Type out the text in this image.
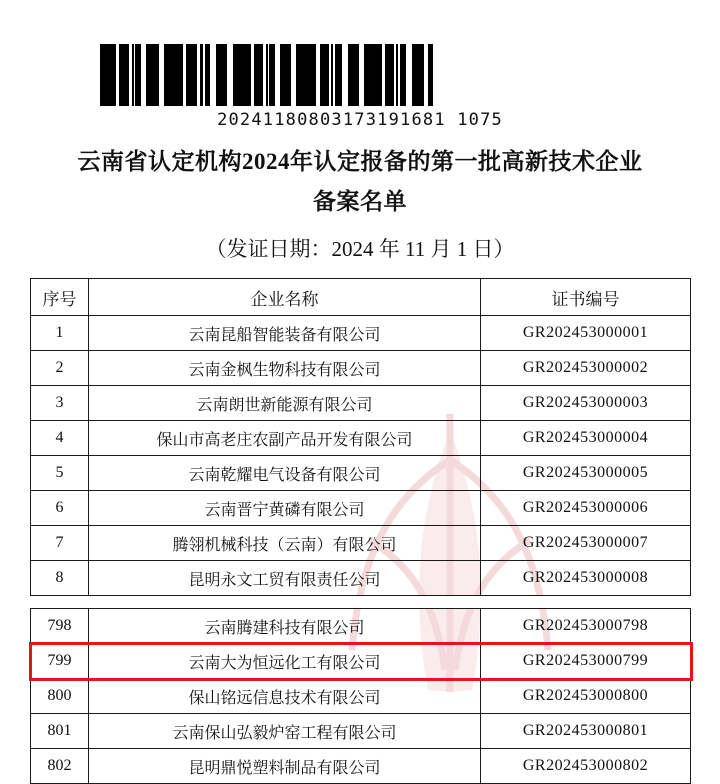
20241180803173191681 1075
云南省认定机构2024年认定报备的第一批高新技术企业
备案名单
（发证日期：2024 年 11 月 1 日）
序号	企业名称	证书编号
1	云南昆船智能装备有限公司	GR202453000001
2	云南金枫生物科技有限公司	GR202453000002
3	云南朗世新能源有限公司	GR202453000003
4	保山市高老庄农副产品开发有限公司	GR202453000004
5	云南乾耀电气设备有限公司	GR202453000005
6	云南晋宁黄磷有限公司	GR202453000006
7	腾翎机械科技（云南）有限公司	GR202453000007
8	昆明永文工贸有限责任公司	GR202453000008

798	云南腾建科技有限公司	GR202453000798
799	云南大为恒远化工有限公司	GR202453000799
800	保山铭远信息技术有限公司	GR202453000800
801	云南保山弘毅炉窑工程有限公司	GR202453000801
802	昆明鼎悦塑料制品有限公司	GR202453000802
